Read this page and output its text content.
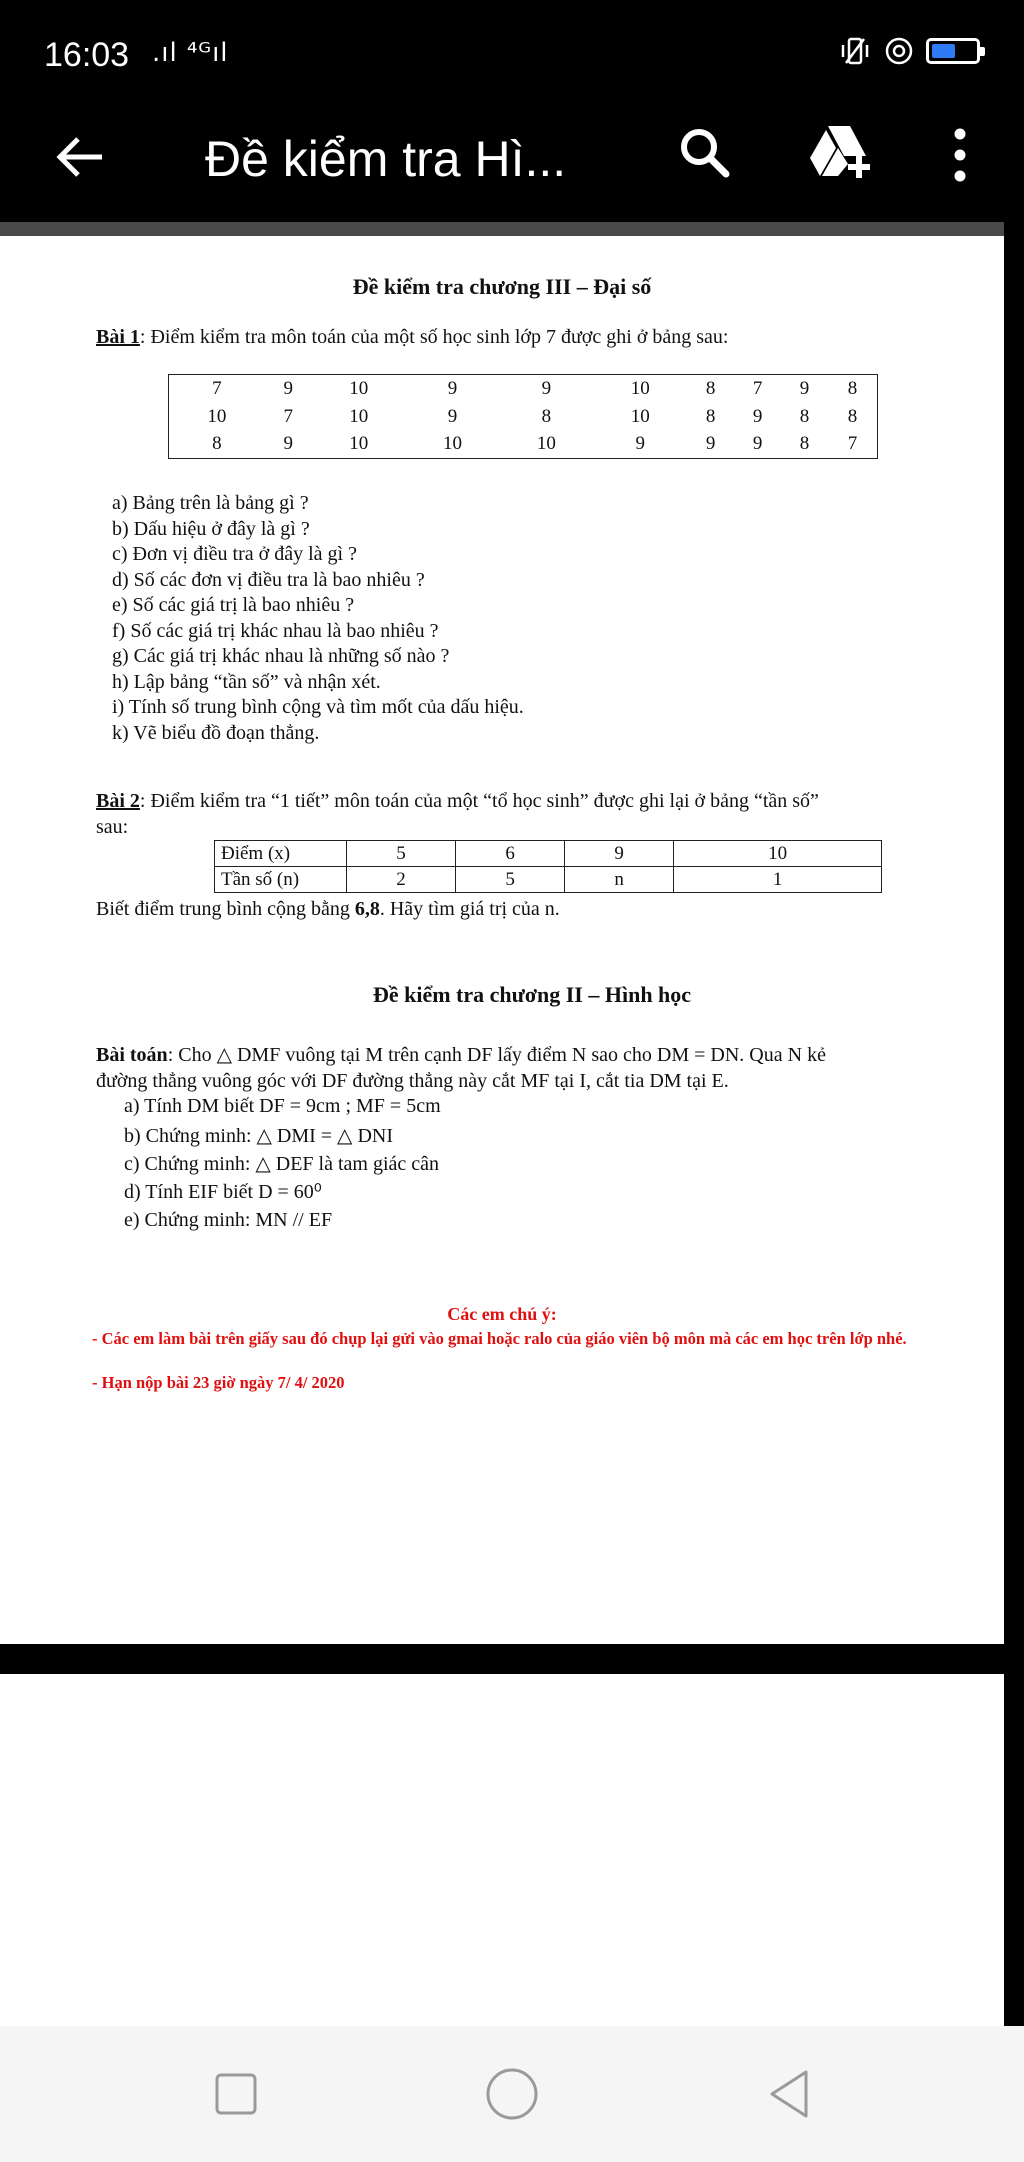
16:03 .ıl ⁴ᴳıl
Đề kiểm tra Hì...
Đề kiểm tra chương III – Đại số
Bài 1: Điểm kiểm tra môn toán của một số học sinh lớp 7 được ghi ở bảng sau:
7	9	10	9	9	10	8	7	9	8
10	7	10	9	8	10	8	9	8	8
8	9	10	10	10	9	9	9	8	7
a) Bảng trên là bảng gì ?
b) Dấu hiệu ở đây là gì ?
c) Đơn vị điều tra ở đây là gì ?
d) Số các đơn vị điều tra là bao nhiêu ?
e) Số các giá trị là bao nhiêu ?
f) Số các giá trị khác nhau là bao nhiêu ?
g) Các giá trị khác nhau là những số nào ?
h) Lập bảng “tần số” và nhận xét.
i) Tính số trung bình cộng và tìm mốt của dấu hiệu.
k) Vẽ biểu đồ đoạn thẳng.
Bài 2: Điểm kiểm tra “1 tiết” môn toán của một “tổ học sinh” được ghi lại ở bảng “tần số”
sau:
Điểm (x)	5	6	9	10
Tần số (n)	2	5	n	1
Biết điểm trung bình cộng bằng 6,8. Hãy tìm giá trị của n.
Đề kiểm tra chương II – Hình học
Bài toán: Cho △ DMF vuông tại M trên cạnh DF lấy điểm N sao cho DM = DN. Qua N kẻ
đường thẳng vuông góc với DF đường thẳng này cắt MF tại I, cắt tia DM tại E.
a) Tính DM biết DF = 9cm ; MF = 5cm
b) Chứng minh: △ DMI = △ DNI
c) Chứng minh: △ DEF là tam giác cân
d) Tính EIF biết D = 60⁰
e) Chứng minh: MN // EF
Các em chú ý:
- Các em làm bài trên giấy sau đó chụp lại gửi vào gmai hoặc ralo của giáo viên bộ môn mà các em học trên lớp nhé.
- Hạn nộp bài 23 giờ ngày 7/ 4/ 2020
